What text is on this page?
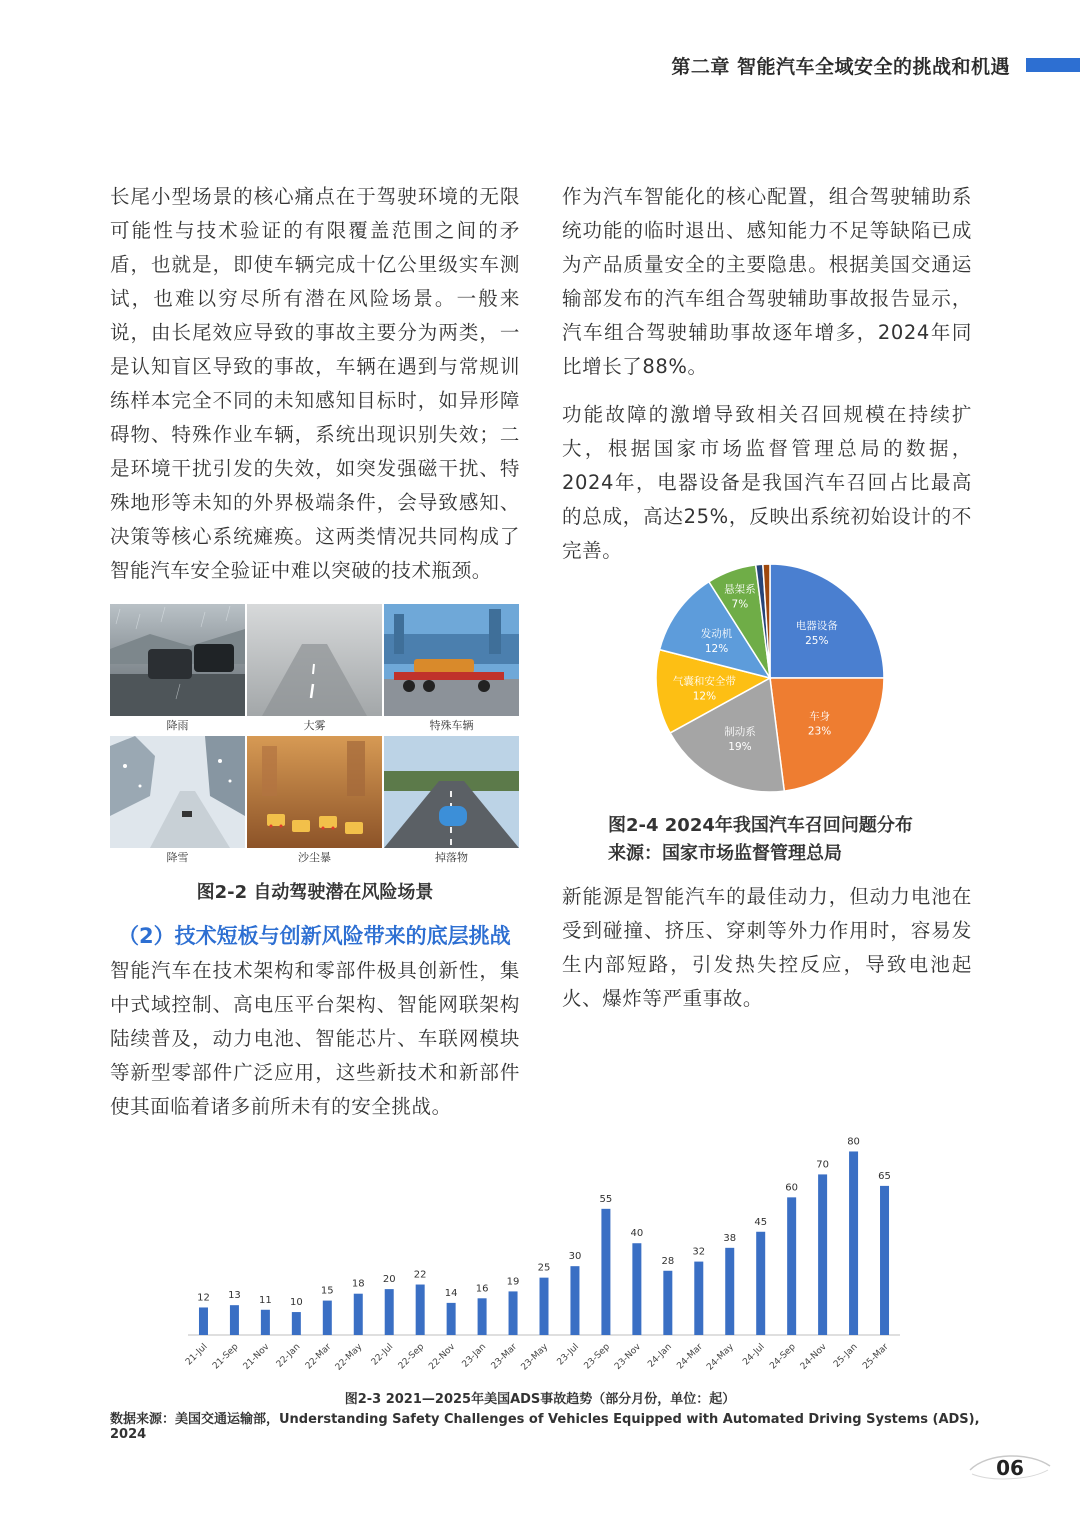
第二章 智能汽车全域安全的挑战和机遇

长尾小型场景的核心痛点在于驾驶环境的无限可能性与技术验证的有限覆盖范围之间的矛盾，也就是，即使车辆完成十亿公里级实车测试，也难以穷尽所有潜在风险场景。一般来说，由长尾效应导致的事故主要分为两类，一是认知盲区导致的事故，车辆在遇到与常规训练样本完全不同的未知感知目标时，如异形障碍物、特殊作业车辆，系统出现识别失效；二是环境干扰引发的失效，如突发强磁干扰、特殊地形等未知的外界极端条件，会导致感知、决策等核心系统瘫痪。这两类情况共同构成了智能汽车安全验证中难以突破的技术瓶颈。

降雨	大雾	特殊车辆
降雪	沙尘暴	掉落物
图2-2 自动驾驶潜在风险场景
（2）技术短板与创新风险带来的底层挑战

智能汽车在技术架构和零部件极具创新性，集中式域控制、高电压平台架构、智能网联架构陆续普及，动力电池、智能芯片、车联网模块等新型零部件广泛应用，这些新技术和新部件使其面临着诸多前所未有的安全挑战。

作为汽车智能化的核心配置，组合驾驶辅助系统功能的临时退出、感知能力不足等缺陷已成为产品质量安全的主要隐患。根据美国交通运输部发布的汽车组合驾驶辅助事故报告显示，汽车组合驾驶辅助事故逐年增多，2024年同比增长了88%。

功能故障的激增导致相关召回规模在持续扩大，根据国家市场监督管理总局的数据，2024年，电器设备是我国汽车召回占比最高的总成，高达25%，反映出系统初始设计的不完善。

电器设备
25%
车身
23%
制动系
19%
气囊和安全带
12%
发动机
12%
悬架系
7%
图2-4 2024年我国汽车召回问题分布
来源：国家市场监督管理总局

新能源是智能汽车的最佳动力，但动力电池在受到碰撞、挤压、穿刺等外力作用时，容易发生内部短路，引发热失控反应，导致电池起火、爆炸等严重事故。

12
21-Jul
13
21-Sep
11
21-Nov
10
22-Jan
15
22-Mar
18
22-May
20
22-Jul
22
22-Sep
14
22-Nov
16
23-Jan
19
23-Mar
25
23-May
30
23-Jul
55
23-Sep
40
23-Nov
28
24-Jan
32
24-Mar
38
24-May
45
24-Jul
60
24-Sep
70
24-Nov
80
25-Jan
65
25-Mar
图2-3 2021—2025年美国ADS事故趋势（部分月份，单位：起）
数据来源：美国交通运输部，Understanding Safety Challenges of Vehicles Equipped with Automated Driving Systems (ADS), 2024
06
